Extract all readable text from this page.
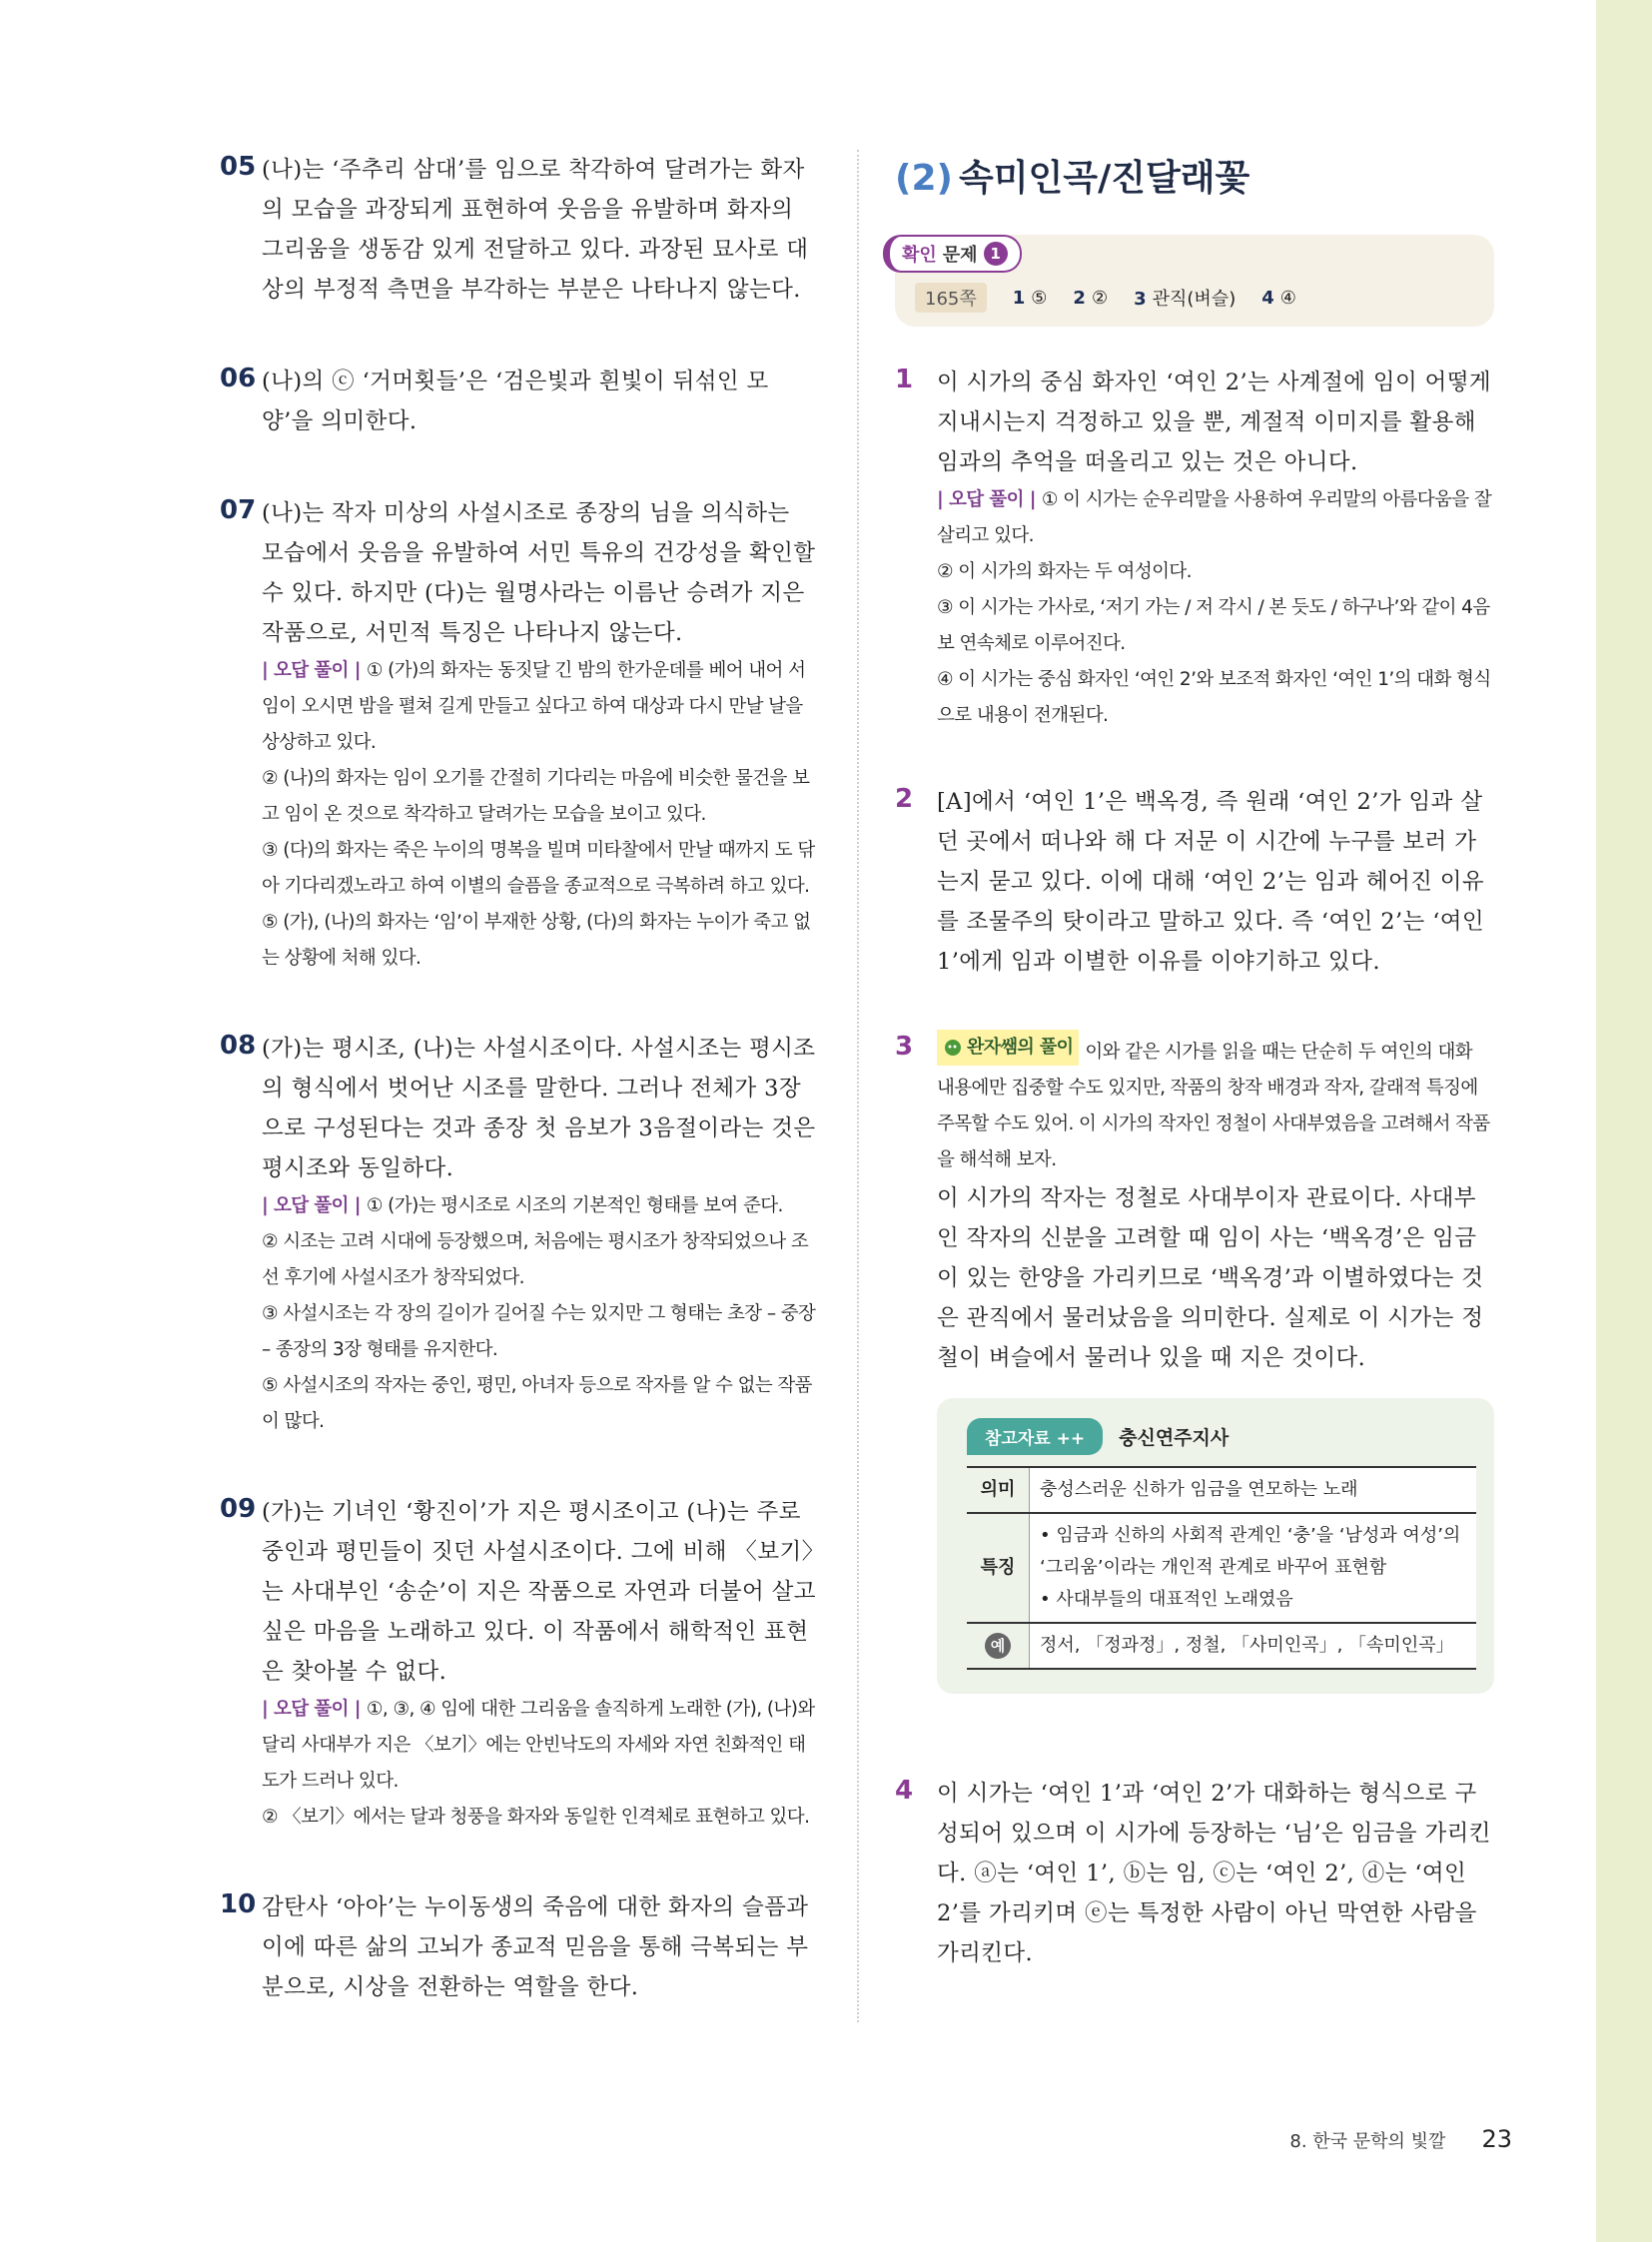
05 (나)는 ‘주추리 삼대’를 임으로 착각하여 달려가는 화자의 모습을 과장되게 표현하여 웃음을 유발하며 화자의 그리움을 생동감 있게 전달하고 있다. 과장된 묘사로 대상의 부정적 측면을 부각하는 부분은 나타나지 않는다.
06 (나)의 ⓒ ‘거머횟들’은 ‘검은빛과 흰빛이 뒤섞인 모양’을 의미한다.
07 (나)는 작자 미상의 사설시조로 종장의 님을 의식하는 모습에서 웃음을 유발하여 서민 특유의 건강성을 확인할 수 있다. 하지만 (다)는 월명사라는 이름난 승려가 지은 작품으로, 서민적 특징은 나타나지 않는다.
| 오답 풀이 | ① (가)의 화자는 동짓달 긴 밤의 한가운데를 베어 내어 서 임이 오시면 밤을 펼쳐 길게 만들고 싶다고 하여 대상과 다시 만날 날을 상상하고 있다.
② (나)의 화자는 임이 오기를 간절히 기다리는 마음에 비슷한 물건을 보고 임이 온 것으로 착각하고 달려가는 모습을 보이고 있다.
③ (다)의 화자는 죽은 누이의 명복을 빌며 미타찰에서 만날 때까지 도 닦아 기다리겠노라고 하여 이별의 슬픔을 종교적으로 극복하려 하고 있다.
⑤ (가), (나)의 화자는 ‘임’이 부재한 상황, (다)의 화자는 누이가 죽고 없는 상황에 처해 있다.
08 (가)는 평시조, (나)는 사설시조이다. 사설시조는 평시조의 형식에서 벗어난 시조를 말한다. 그러나 전체가 3장으로 구성된다는 것과 종장 첫 음보가 3음절이라는 것은 평시조와 동일하다.
| 오답 풀이 | ① (가)는 평시조로 시조의 기본적인 형태를 보여 준다.
② 시조는 고려 시대에 등장했으며, 처음에는 평시조가 창작되었으나 조선 후기에 사설시조가 창작되었다.
③ 사설시조는 각 장의 길이가 길어질 수는 있지만 그 형태는 초장 – 중장 – 종장의 3장 형태를 유지한다.
⑤ 사설시조의 작자는 중인, 평민, 아녀자 등으로 작자를 알 수 없는 작품이 많다.
09 (가)는 기녀인 ‘황진이’가 지은 평시조이고 (나)는 주로 중인과 평민들이 짓던 사설시조이다. 그에 비해 〈보기〉는 사대부인 ‘송순’이 지은 작품으로 자연과 더불어 살고 싶은 마음을 노래하고 있다. 이 작품에서 해학적인 표현은 찾아볼 수 없다.
| 오답 풀이 | ①, ③, ④ 임에 대한 그리움을 솔직하게 노래한 (가), (나)와 달리 사대부가 지은 〈보기〉에는 안빈낙도의 자세와 자연 친화적인 태도가 드러나 있다.
② 〈보기〉에서는 달과 청풍을 화자와 동일한 인격체로 표현하고 있다.
10 감탄사 ‘아아’는 누이동생의 죽음에 대한 화자의 슬픔과 이에 따른 삶의 고뇌가 종교적 믿음을 통해 극복되는 부분으로, 시상을 전환하는 역할을 한다.
(2) 속미인곡/진달래꽃
확인 문제 1
165쪽	1 ⑤ 2 ② 3 관직(벼슬) 4 ④
1 이 시가의 중심 화자인 ‘여인 2’는 사계절에 임이 어떻게 지내시는지 걱정하고 있을 뿐, 계절적 이미지를 활용해 임과의 추억을 떠올리고 있는 것은 아니다.
| 오답 풀이 | ① 이 시가는 순우리말을 사용하여 우리말의 아름다움을 잘 살리고 있다.
② 이 시가의 화자는 두 여성이다.
③ 이 시가는 가사로, ‘저기 가는 / 저 각시 / 본 듯도 / 하구나’와 같이 4음보 연속체로 이루어진다.
④ 이 시가는 중심 화자인 ‘여인 2’와 보조적 화자인 ‘여인 1’의 대화 형식으로 내용이 전개된다.
2 [A]에서 ‘여인 1’은 백옥경, 즉 원래 ‘여인 2’가 임과 살던 곳에서 떠나와 해 다 저문 이 시간에 누구를 보러 가는지 묻고 있다. 이에 대해 ‘여인 2’는 임과 헤어진 이유를 조물주의 탓이라고 말하고 있다. 즉 ‘여인 2’는 ‘여인 1’에게 임과 이별한 이유를 이야기하고 있다.
3	완자쌤의 풀이 이와 같은 시가를 읽을 때는 단순히 두 여인의 대화 내용에만 집중할 수도 있지만, 작품의 창작 배경과 작자, 갈래적 특징에 주목할 수도 있어. 이 시가의 작자인 정철이 사대부였음을 고려해서 작품을 해석해 보자.
이 시가의 작자는 정철로 사대부이자 관료이다. 사대부인 작자의 신분을 고려할 때 임이 사는 ‘백옥경’은 임금이 있는 한양을 가리키므로 ‘백옥경’과 이별하였다는 것은 관직에서 물러났음을 의미한다. 실제로 이 시가는 정철이 벼슬에서 물러나 있을 때 지은 것이다.
참고자료 ++	충신연주지사
의미	충성스러운 신하가 임금을 연모하는 노래
특징	• 임금과 신하의 사회적 관계인 ‘충’을 ‘남성과 여성’의 ‘그리움’이라는 개인적 관계로 바꾸어 표현함
• 사대부들의 대표적인 노래였음

예	정서, 「정과정」, 정철, 「사미인곡」, 「속미인곡」
4 이 시가는 ‘여인 1’과 ‘여인 2’가 대화하는 형식으로 구성되어 있으며 이 시가에 등장하는 ‘님’은 임금을 가리킨다. ⓐ는 ‘여인 1’, ⓑ는 임, ⓒ는 ‘여인 2’, ⓓ는 ‘여인 2’를 가리키며 ⓔ는 특정한 사람이 아닌 막연한 사람을 가리킨다.
8. 한국 문학의 빛깔 23
